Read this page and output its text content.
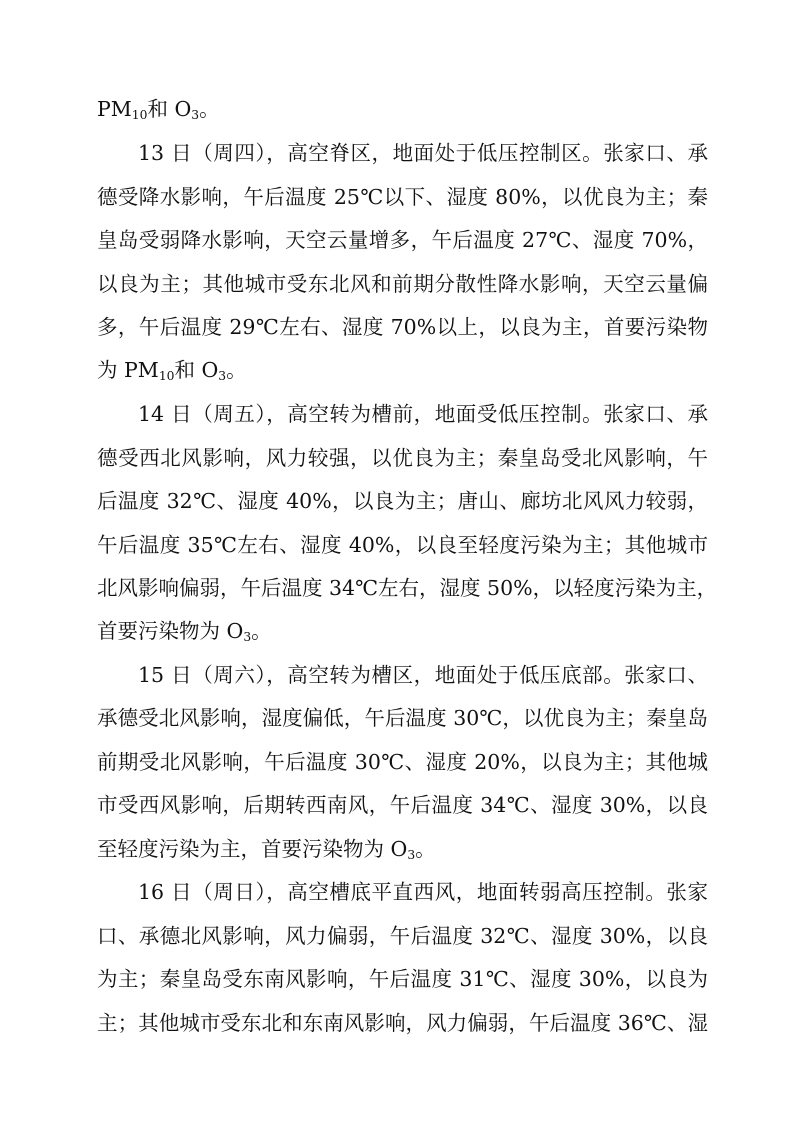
$PM_{10}$和 $O_3$。
13 日（周四），高空脊区，地面处于低压控制区。张家口、承
德受降水影响，午后温度 25℃以下、湿度 80%，以优良为主；秦
皇岛受弱降水影响，天空云量增多，午后温度 27℃、湿度 70%，
以良为主；其他城市受东北风和前期分散性降水影响，天空云量偏
多，午后温度 29℃左右、湿度 70%以上，以良为主，首要污染物
为 $PM_{10}$和 $O_3$。
14 日（周五），高空转为槽前，地面受低压控制。张家口、承
德受西北风影响，风力较强，以优良为主；秦皇岛受北风影响，午
后温度 32℃、湿度 40%，以良为主；唐山、廊坊北风风力较弱，
午后温度 35℃左右、湿度 40%，以良至轻度污染为主；其他城市
北风影响偏弱，午后温度 34℃左右，湿度 50%，以轻度污染为主，
首要污染物为 $O_3$。
15 日（周六），高空转为槽区，地面处于低压底部。张家口、
承德受北风影响，湿度偏低，午后温度 30℃，以优良为主；秦皇岛
前期受北风影响，午后温度 30℃、湿度 20%，以良为主；其他城
市受西风影响，后期转西南风，午后温度 34℃、湿度 30%，以良
至轻度污染为主，首要污染物为 $O_3$。
16 日（周日），高空槽底平直西风，地面转弱高压控制。张家
口、承德北风影响，风力偏弱，午后温度 32℃、湿度 30%，以良
为主；秦皇岛受东南风影响，午后温度 31℃、湿度 30%，以良为
主；其他城市受东北和东南风影响，风力偏弱，午后温度 36℃、湿
